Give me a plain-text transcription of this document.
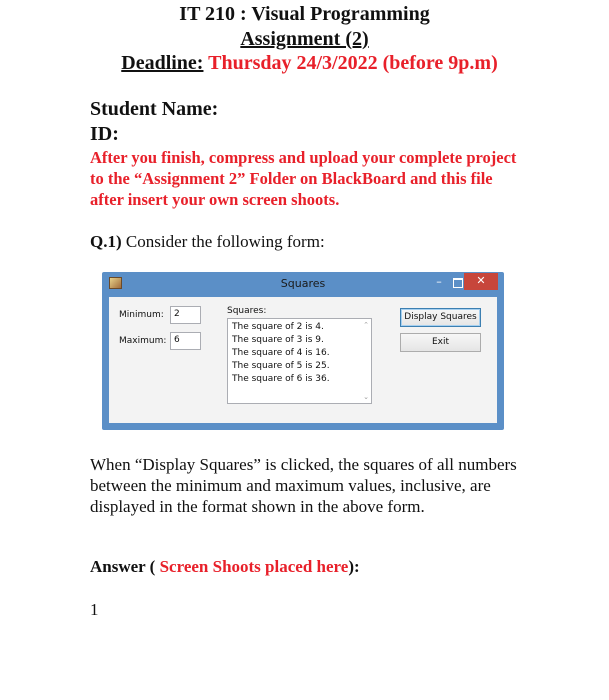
IT 210 : Visual Programming
Assignment (2)
Deadline: Thursday 24/3/2022 (before 9p.m)
Student Name:
ID:
After you finish, compress and upload your complete project to the “Assignment 2” Folder on BlackBoard and this file after insert your own screen shoots.
Q.1) Consider the following form:
Squares	–	✕
Minimum:	2
Maximum: 6
Squares:
The square of 2 is 4.
The square of 3 is 9.
The square of 4 is 16.
The square of 5 is 25.
The square of 6 is 36.
⌃
⌄
Display Squares
Exit
When “Display Squares” is clicked, the squares of all numbers between the minimum and maximum values, inclusive, are displayed in the format shown in the above form.
Answer ( Screen Shoots placed here):
1
